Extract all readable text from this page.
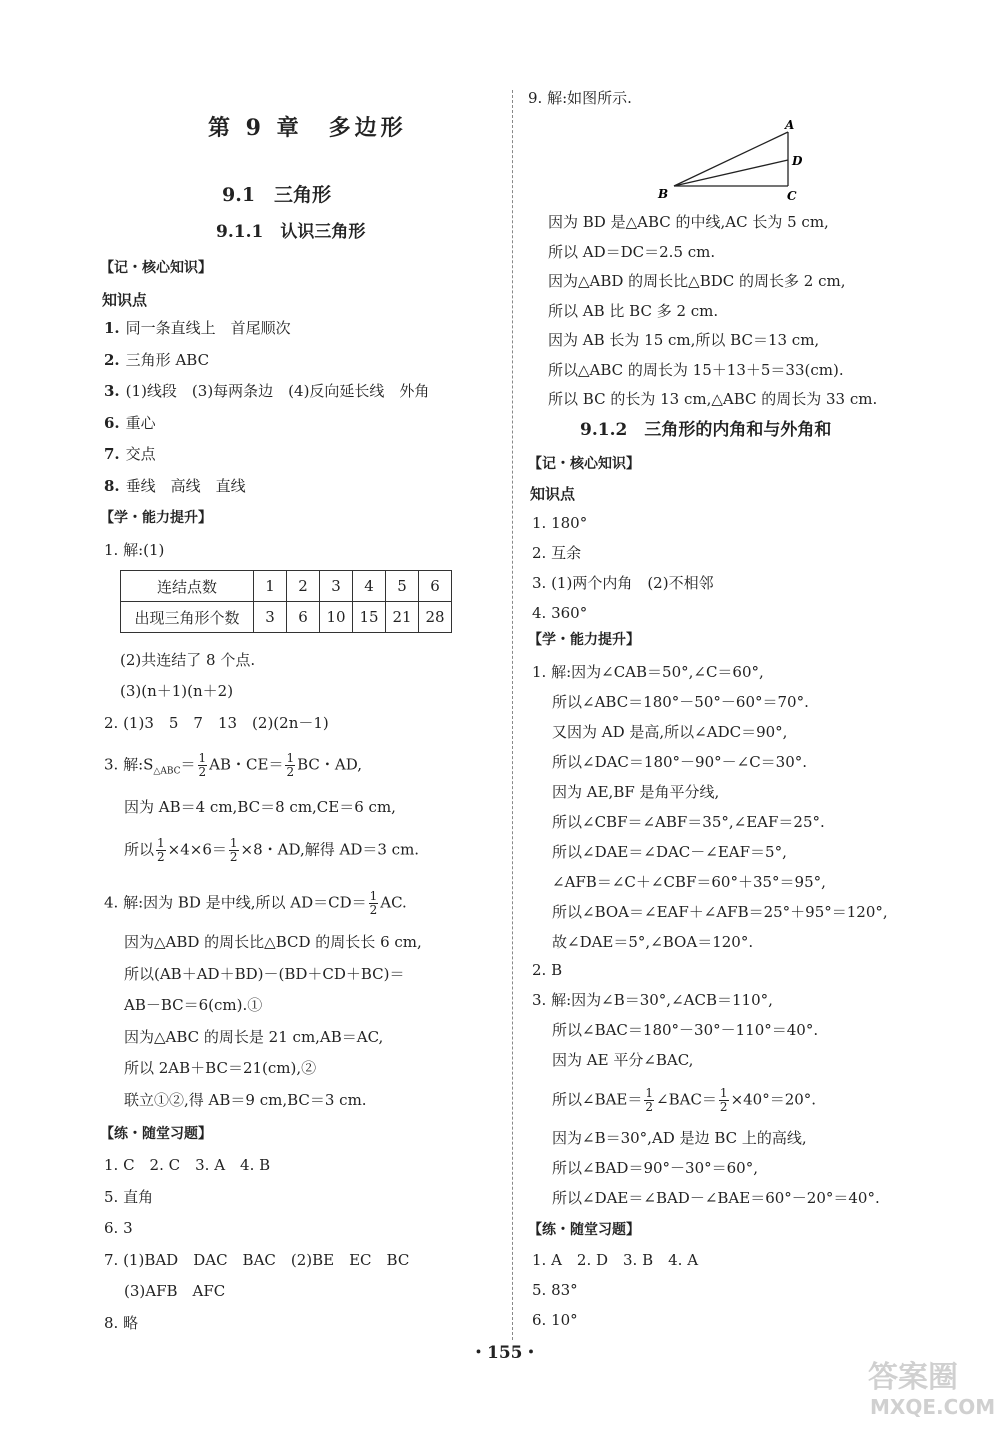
第 9 章　多边形
9.1　三角形
9.1.1　认识三角形
【记・核心知识】
知识点
1. 同一条直线上　首尾顺次
2. 三角形 ABC
3. (1)线段　(3)每两条边　(4)反向延长线　外角
6. 重心
7. 交点
8. 垂线　高线　直线
【学・能力提升】
1. 解:(1)
连结点数	1	2	3	4	5	6
出现三角形个数	3	6	10	15	21	28
(2)共连结了 8 个点.
(3)(n＋1)(n＋2)
2. (1)3　5　7　13　(2)(2n－1)
3. 解$:S_{\triangle ABC}= \frac{1}{2}$ AB・$CE= \frac{1}{2}$ BC・AD,
因为 AB＝4 cm,BC＝8 cm,CE＝6 cm,
所以 $\frac{1}{2} \times 4\times 6= \frac{1}{2} \times 8$・AD,解得 AD＝3 cm.
4. 解:因为 BD 是中线,所以 $AD=CD= \frac{1}{2}$ AC.
因为△ABD 的周长比△BCD 的周长长 6 cm,
所以(AB＋AD＋BD)－(BD＋CD＋BC)＝
AB－BC＝6(cm).①
因为△ABC 的周长是 21 cm,AB＝AC,
所以 2AB＋BC＝21(cm),②
联立①②,得 AB＝9 cm,BC＝3 cm.
【练・随堂习题】
1. C　2. C　3. A　4. B
5. 直角
6. 3
7. (1)BAD　DAC　BAC　(2)BE　EC　BC
(3)AFB　AFC
8. 略
9. 解:如图所示.
A
B	C
D
因为 BD 是△ABC 的中线,AC 长为 5 cm,
所以 AD＝DC＝2.5 cm.
因为△ABD 的周长比△BDC 的周长多 2 cm,
所以 AB 比 BC 多 2 cm.
因为 AB 长为 15 cm,所以 BC＝13 cm,
所以△ABC 的周长为 15＋13＋5＝33(cm).
所以 BC 的长为 13 cm,△ABC 的周长为 33 cm.
9.1.2　三角形的内角和与外角和
【记・核心知识】
知识点
1. 180°
2. 互余
3. (1)两个内角　(2)不相邻
4. 360°
【学・能力提升】
1. 解:因为∠CAB＝50°,∠C＝60°,
所以∠ABC＝180°－50°－60°＝70°.
又因为 AD 是高,所以∠ADC＝90°,
所以∠DAC＝180°－90°－∠C＝30°.
因为 AE,BF 是角平分线,
所以∠CBF＝∠ABF＝35°,∠EAF＝25°.
所以∠DAE＝∠DAC－∠EAF＝5°,
∠AFB＝∠C＋∠CBF＝60°＋35°＝95°,
所以∠BOA＝∠EAF＋∠AFB＝25°＋95°＝120°,
故∠DAE＝5°,∠BOA＝120°.
2. B
3. 解:因为∠B＝30°,∠ACB＝110°,
所以∠BAC＝180°－30°－110°＝40°.
因为 AE 平分∠BAC,
所以∠BAE＝ $\frac{1}{2}$ ∠BAC＝ $\frac{1}{2} \times 40^\circ=20^\circ$.
因为∠B＝30°,AD 是边 BC 上的高线,
所以∠BAD＝90°－30°＝60°,
所以∠DAE＝∠BAD－∠BAE＝60°－20°＝40°.
【练・随堂习题】
1. A　2. D　3. B　4. A
5. 83°
6. 10°
・155・
答案圈
MXQE.COM
